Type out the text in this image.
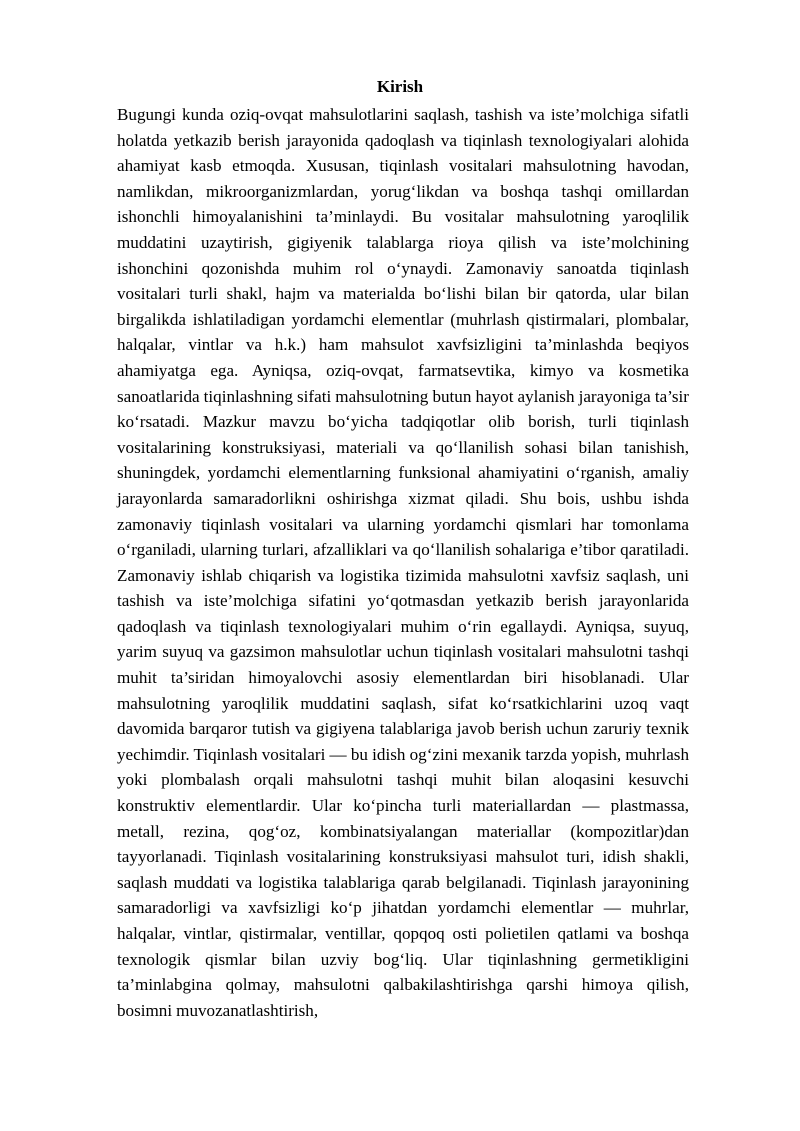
Kirish

Bugungi kunda oziq-ovqat mahsulotlarini saqlash, tashish va iste’molchiga sifatli holatda yetkazib berish jarayonida qadoqlash va tiqinlash texnologiyalari alohida ahamiyat kasb etmoqda. Xususan, tiqinlash vositalari mahsulotning havodan, namlikdan, mikroorganizmlardan, yorug‘likdan va boshqa tashqi omillardan ishonchli himoyalanishini ta’minlaydi. Bu vositalar mahsulotning yaroqlilik muddatini uzaytirish, gigiyenik talablarga rioya qilish va iste’molchining ishonchini qozonishda muhim rol o‘ynaydi. Zamonaviy sanoatda tiqinlash vositalari turli shakl, hajm va materialda bo‘lishi bilan bir qatorda, ular bilan birgalikda ishlatiladigan yordamchi elementlar (muhrlash qistirmalari, plombalar, halqalar, vintlar va h.k.) ham mahsulot xavfsizligini ta’minlashda beqiyos ahamiyatga ega. Ayniqsa, oziq-ovqat, farmatsevtika, kimyo va kosmetika sanoatlarida tiqinlashning sifati mahsulotning butun hayot aylanish jarayoniga ta’sir ko‘rsatadi. Mazkur mavzu bo‘yicha tadqiqotlar olib borish, turli tiqinlash vositalarining konstruksiyasi, materiali va qo‘llanilish sohasi bilan tanishish, shuningdek, yordamchi elementlarning funksional ahamiyatini o‘rganish, amaliy jarayonlarda samaradorlikni oshirishga xizmat qiladi. Shu bois, ushbu ishda zamonaviy tiqinlash vositalari va ularning yordamchi qismlari har tomonlama o‘rganiladi, ularning turlari, afzalliklari va qo‘llanilish sohalariga e’tibor qaratiladi. Zamonaviy ishlab chiqarish va logistika tizimida mahsulotni xavfsiz saqlash, uni tashish va iste’molchiga sifatini yo‘qotmasdan yetkazib berish jarayonlarida qadoqlash va tiqinlash texnologiyalari muhim o‘rin egallaydi. Ayniqsa, suyuq, yarim suyuq va gazsimon mahsulotlar uchun tiqinlash vositalari mahsulotni tashqi muhit ta’siridan himoyalovchi asosiy elementlardan biri hisoblanadi. Ular mahsulotning yaroqlilik muddatini saqlash, sifat ko‘rsatkichlarini uzoq vaqt davomida barqaror tutish va gigiyena talablariga javob berish uchun zaruriy texnik yechimdir. Tiqinlash vositalari — bu idish og‘zini mexanik tarzda yopish, muhrlash yoki plombalash orqali mahsulotni tashqi muhit bilan aloqasini kesuvchi konstruktiv elementlardir. Ular ko‘pincha turli materiallardan — plastmassa, metall, rezina, qog‘oz, kombinatsiyalangan materiallar (kompozitlar)dan tayyorlanadi. Tiqinlash vositalarining konstruksiyasi mahsulot turi, idish shakli, saqlash muddati va logistika talablariga qarab belgilanadi. Tiqinlash jarayonining samaradorligi va xavfsizligi ko‘p jihatdan yordamchi elementlar — muhrlar, halqalar, vintlar, qistirmalar, ventillar, qopqoq osti polietilen qatlami va boshqa texnologik qismlar bilan uzviy bog‘liq. Ular tiqinlashning germetikligini ta’minlabgina qolmay, mahsulotni qalbakilashtirishga qarshi himoya qilish, bosimni muvozanatlashtirish,
